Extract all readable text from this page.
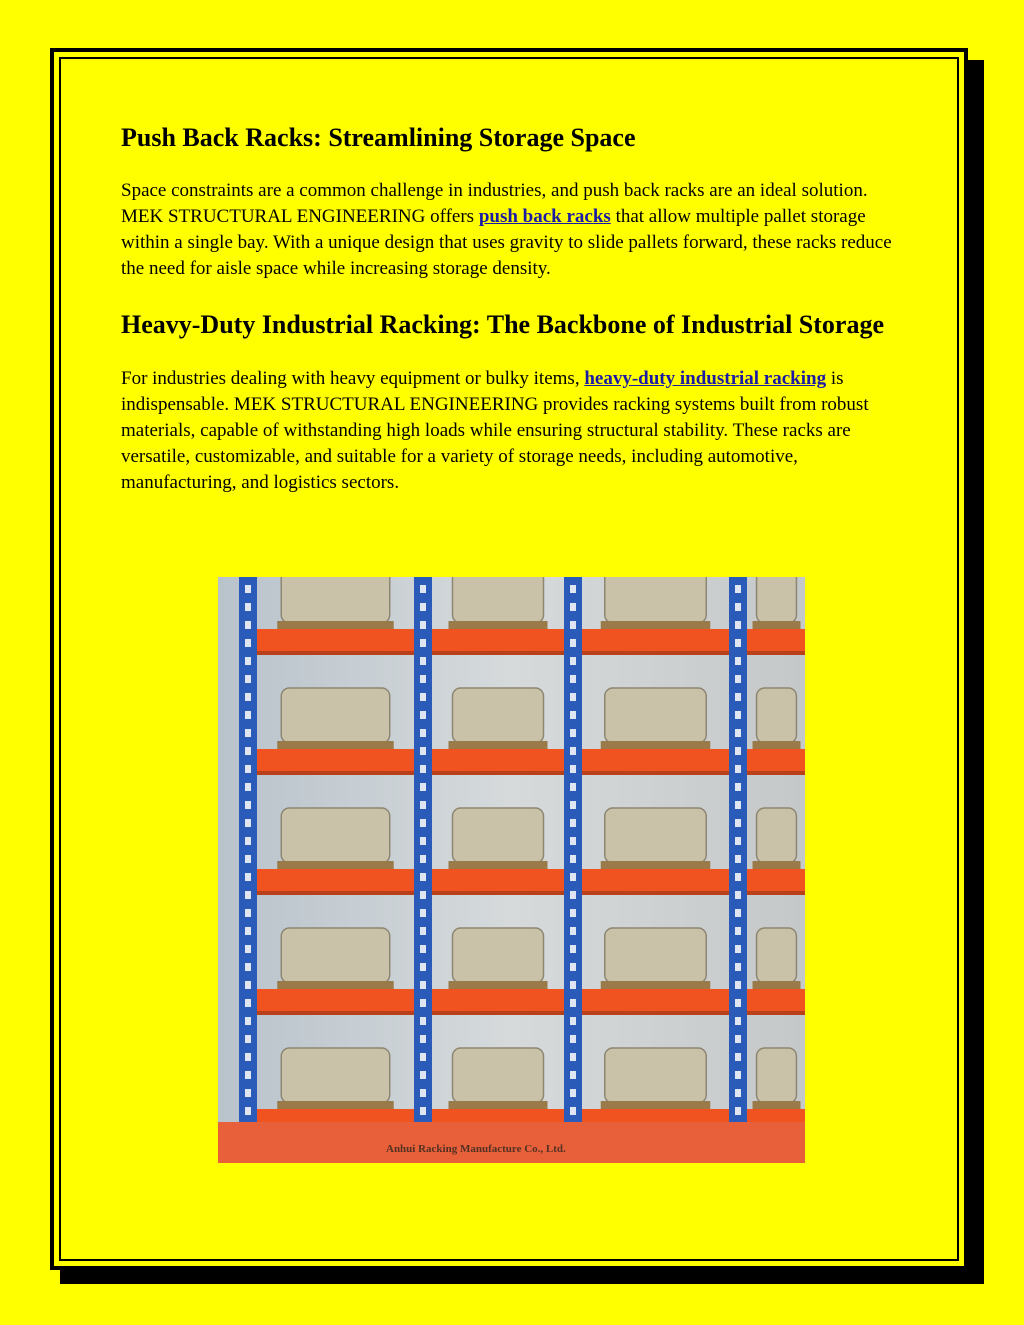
Push Back Racks: Streamlining Storage Space

Space constraints are a common challenge in industries, and push back racks are an ideal solution. MEK STRUCTURAL ENGINEERING offers push back racks that allow multiple pallet storage within a single bay. With a unique design that uses gravity to slide pallets forward, these racks reduce the need for aisle space while increasing storage density.

Heavy-Duty Industrial Racking: The Backbone of Industrial Storage

For industries dealing with heavy equipment or bulky items, heavy-duty industrial racking is indispensable. MEK STRUCTURAL ENGINEERING provides racking systems built from robust materials, capable of withstanding high loads while ensuring structural stability. These racks are versatile, customizable, and suitable for a variety of storage needs, including automotive, manufacturing, and logistics sectors.

Anhui Racking Manufacture Co., Ltd.
